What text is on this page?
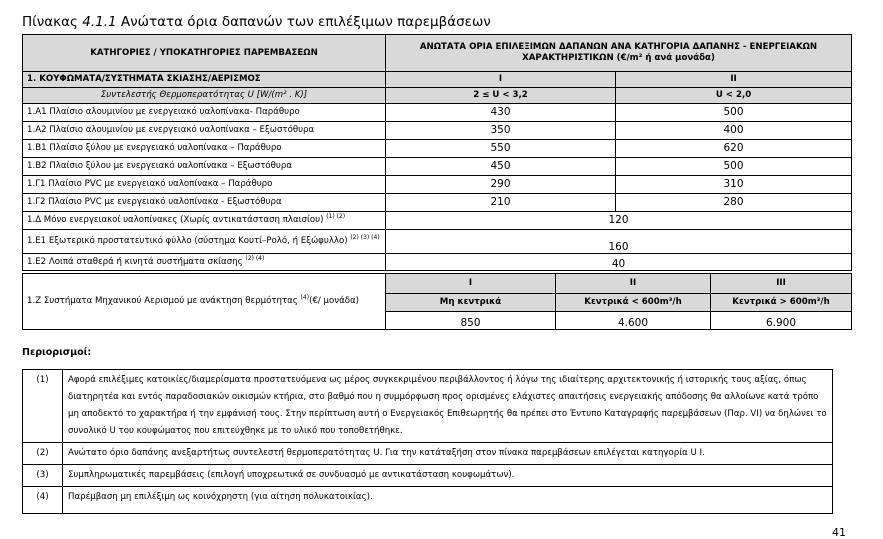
Πίνακας 4.1.1 Ανώτατα όρια δαπανών των επιλέξιμων παρεμβάσεων
ΚΑΤΗΓΟΡΙΕΣ / ΥΠΟΚΑΤΗΓΟΡΙΕΣ ΠΑΡΕΜΒΑΣΕΩΝ	ΑΝΩΤΑΤΑ ΟΡΙΑ ΕΠΙΛΕΞΙΜΩΝ ΔΑΠΑΝΩΝ ΑΝΑ ΚΑΤΗΓΟΡΙΑ ΔΑΠΑΝΗΣ - ΕΝΕΡΓΕΙΑΚΩΝ ΧΑΡΑΚΤΗΡΙΣΤΙΚΩΝ (€/m² ή ανά μονάδα)	
1. ΚΟΥΦΩΜΑΤΑ/ΣΥΣΤΗΜΑΤΑ ΣΚΙΑΣΗΣ/ΑΕΡΙΣΜΟΣ	I	II
Συντελεστής Θερμοπερατότητας U [W/(m² . K)]	2 ≤ U < 3,2	U < 2,0
1.Α1 Πλαίσιο αλουμινίου με ενεργειακό υαλοπίνακα- Παράθυρο	430	500
1.Α2 Πλαίσιο αλουμινίου με ενεργειακό υαλοπίνακα – Εξωστόθυρα	350	400
1.Β1 Πλαίσιο ξύλου με ενεργειακό υαλοπίνακα – Παράθυρο	550	620
1.Β2 Πλαίσιο ξύλου με ενεργειακό υαλοπίνακα – Εξωστόθυρα	450	500
1.Γ1 Πλαίσιο PVC με ενεργειακό υαλοπίνακα – Παράθυρο	290	310
1.Γ2 Πλαίσιο PVC με ενεργειακό υαλοπίνακα - Εξωστόθυρα	210	280
1.Δ Μόνο ενεργειακοί υαλοπίνακες (Χωρίς αντικατάσταση πλαισίου) $^{(1) (2)}$	120	
1.Ε1 Εξωτερικό προστατευτικό φύλλο (σύστημα Κουτί–Ρολό, ή Εξώφυλλο) $^{(2) (3) (4)}$	160	
1.Ε2 Λοιπά σταθερά ή κινητά συστήματα σκίασης $^{(2) (4)}$	40	
1.Ζ Συστήματα Μηχανικού Αερισμού με ανάκτηση θερμότητας $^{(4)}$(€/ μονάδα)	I	II	III
	Μη κεντρικά	Κεντρικά < 600m³/h	Κεντρικά > 600m³/h
	850	4.600	6.900
Περιορισμοί:
(1)	Αφορά επιλέξιμες κατοικίες/διαμερίσματα προστατευόμενα ως μέρος συγκεκριμένου περιβάλλοντος ή λόγω της ιδιαίτερης αρχιτεκτονικής ή ιστορικής τους αξίας, όπως διατηρητέα και εντός παραδοσιακών οικισμών κτήρια, στο βαθμό που η συμμόρφωση προς ορισμένες ελάχιστες απαιτήσεις ενεργειακής απόδοσης θα αλλοίωνε κατά τρόπο μη αποδεκτό το χαρακτήρα ή την εμφάνισή τους. Στην περίπτωση αυτή ο Ενεργειακός Επιθεωρητής θα πρέπει στο Έντυπο Καταγραφής παρεμβάσεων (Παρ. VI) να δηλώνει το συνολικό U του κουφώματος που επιτεύχθηκε με το υλικό που τοποθετήθηκε.
(2)	Ανώτατο όριο δαπάνης ανεξαρτήτως συντελεστή θερμοπερατότητας U. Για την κατάταξήση στον πίνακα παρεμβάσεων επιλέγεται κατηγορία U I.
(3)	Συμπληρωματικές παρεμβάσεις (επιλογή υποχρεωτικά σε συνδυασμό με αντικατάσταση κουφωμάτων).
(4)	Παρέμβαση μη επιλέξιμη ως κοινόχρηστη (για αίτηση πολυκατοικίας).
41
